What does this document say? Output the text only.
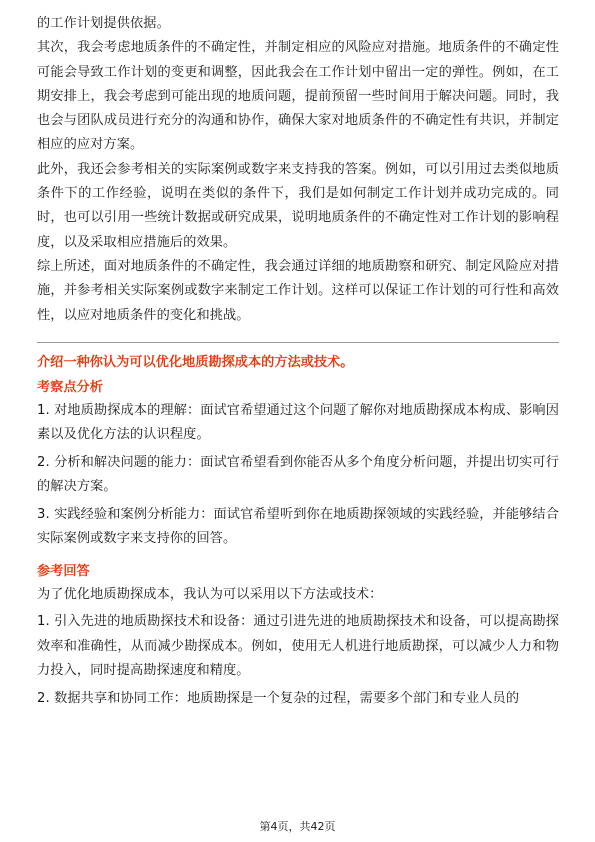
的工作计划提供依据。

其次，我会考虑地质条件的不确定性，并制定相应的风险应对措施。地质条件的不确定性可能会导致工作计划的变更和调整，因此我会在工作计划中留出一定的弹性。例如，在工期安排上，我会考虑到可能出现的地质问题，提前预留一些时间用于解决问题。同时，我也会与团队成员进行充分的沟通和协作，确保大家对地质条件的不确定性有共识，并制定相应的应对方案。

此外，我还会参考相关的实际案例或数字来支持我的答案。例如，可以引用过去类似地质条件下的工作经验，说明在类似的条件下，我们是如何制定工作计划并成功完成的。同时，也可以引用一些统计数据或研究成果，说明地质条件的不确定性对工作计划的影响程度，以及采取相应措施后的效果。

综上所述，面对地质条件的不确定性，我会通过详细的地质勘察和研究、制定风险应对措施，并参考相关实际案例或数字来制定工作计划。这样可以保证工作计划的可行性和高效性，以应对地质条件的变化和挑战。

介绍一种你认为可以优化地质勘探成本的方法或技术。

考察点分析

1. 对地质勘探成本的理解：面试官希望通过这个问题了解你对地质勘探成本构成、影响因素以及优化方法的认识程度。

2. 分析和解决问题的能力：面试官希望看到你能否从多个角度分析问题，并提出切实可行的解决方案。

3. 实践经验和案例分析能力：面试官希望听到你在地质勘探领域的实践经验，并能够结合实际案例或数字来支持你的回答。

参考回答

为了优化地质勘探成本，我认为可以采用以下方法或技术：

1. 引入先进的地质勘探技术和设备：通过引进先进的地质勘探技术和设备，可以提高勘探效率和准确性，从而减少勘探成本。例如，使用无人机进行地质勘探，可以减少人力和物力投入，同时提高勘探速度和精度。

2. 数据共享和协同工作：地质勘探是一个复杂的过程，需要多个部门和专业人员的

第4页，共42页
